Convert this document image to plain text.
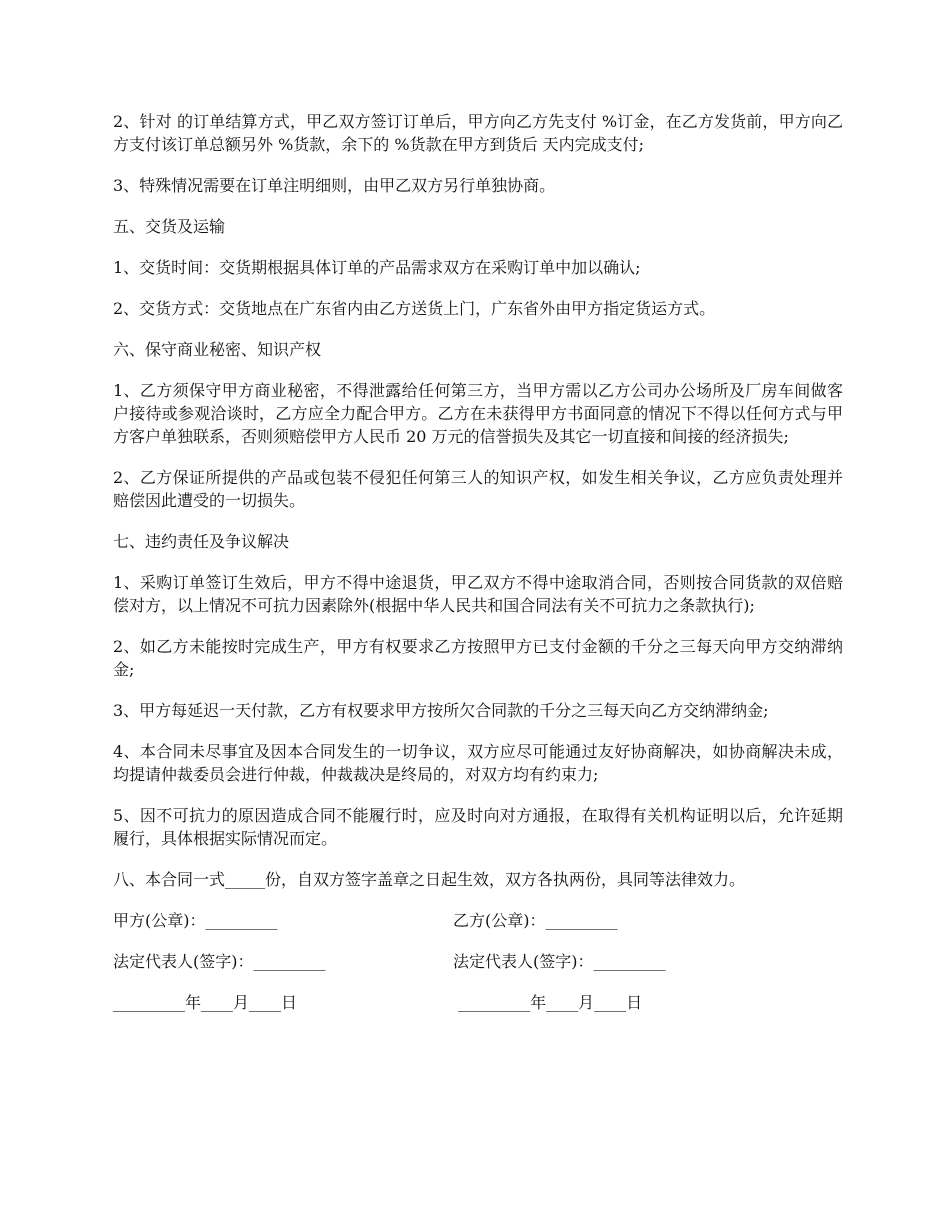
2、针对 的订单结算方式，甲乙双方签订订单后，甲方向乙方先支付 %订金，在乙方发货前，甲方向乙方支付该订单总额另外 %货款，余下的 %货款在甲方到货后 天内完成支付;

3、特殊情况需要在订单注明细则，由甲乙双方另行单独协商。

五、交货及运输

1、交货时间：交货期根据具体订单的产品需求双方在采购订单中加以确认;

2、交货方式：交货地点在广东省内由乙方送货上门，广东省外由甲方指定货运方式。

六、保守商业秘密、知识产权

1、乙方须保守甲方商业秘密，不得泄露给任何第三方，当甲方需以乙方公司办公场所及厂房车间做客户接待或参观洽谈时，乙方应全力配合甲方。乙方在未获得甲方书面同意的情况下不得以任何方式与甲方客户单独联系，否则须赔偿甲方人民币 20 万元的信誉损失及其它一切直接和间接的经济损失;

2、乙方保证所提供的产品或包装不侵犯任何第三人的知识产权，如发生相关争议，乙方应负责处理并赔偿因此遭受的一切损失。

七、违约责任及争议解决

1、采购订单签订生效后，甲方不得中途退货，甲乙双方不得中途取消合同，否则按合同货款的双倍赔偿对方，以上情况不可抗力因素除外(根据中华人民共和国合同法有关不可抗力之条款执行);

2、如乙方未能按时完成生产，甲方有权要求乙方按照甲方已支付金额的千分之三每天向甲方交纳滞纳金;

3、甲方每延迟一天付款，乙方有权要求甲方按所欠合同款的千分之三每天向乙方交纳滞纳金;

4、本合同未尽事宜及因本合同发生的一切争议，双方应尽可能通过友好协商解决，如协商解决未成，均提请仲裁委员会进行仲裁，仲裁裁决是终局的，对双方均有约束力;

5、因不可抗力的原因造成合同不能履行时，应及时向对方通报，在取得有关机构证明以后，允许延期履行，具体根据实际情况而定。

八、本合同一式_____份，自双方签字盖章之日起生效，双方各执两份，具同等法律效力。

甲方(公章)：_________	乙方(公章)：_________
法定代表人(签字)：_________	法定代表人(签字)：_________
_________年____月____日	_________年____月____日
